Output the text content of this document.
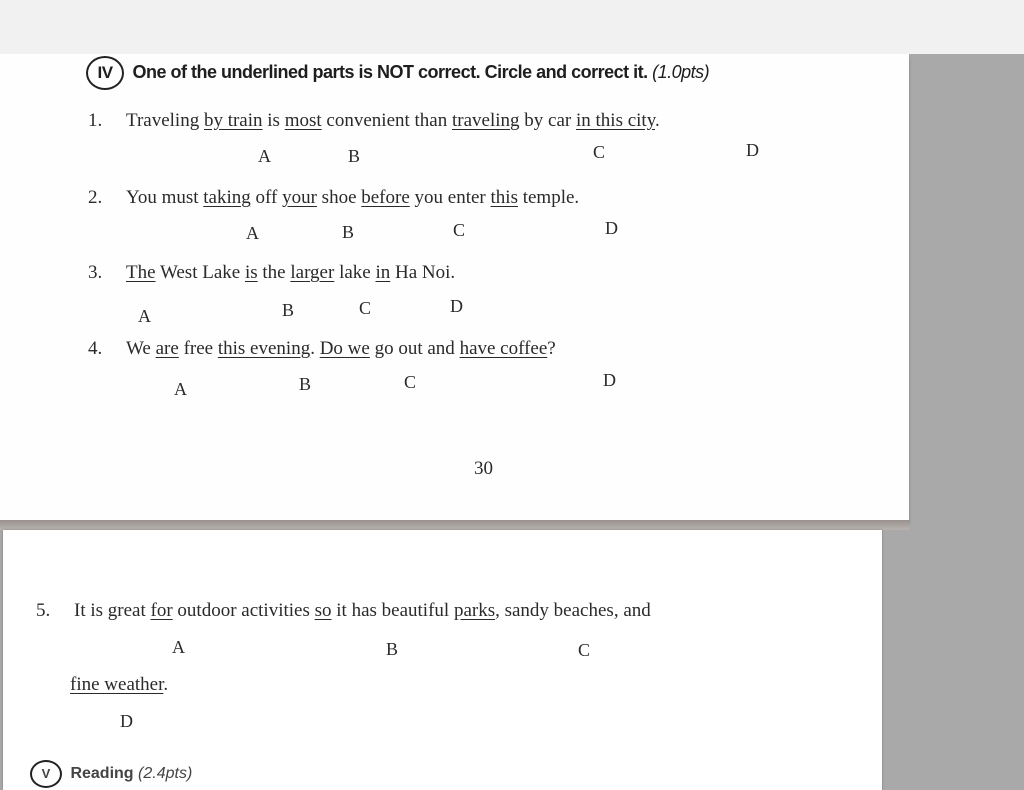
IV One of the underlined parts is NOT correct. Circle and correct it. (1.0pts)
1. Traveling by train is most convenient than traveling by car in this city.
A	B	C	D
2. You must taking off your shoe before you enter this temple.
A	B	C	D
3. The West Lake is the larger lake in Ha Noi.
A	B	C	D
4. We are free this evening. Do we go out and have coffee?
A	B	C	D
30
5. It is great for outdoor activities so it has beautiful parks, sandy beaches, and
A	B	C
fine weather.
D
V Reading (2.4pts)
